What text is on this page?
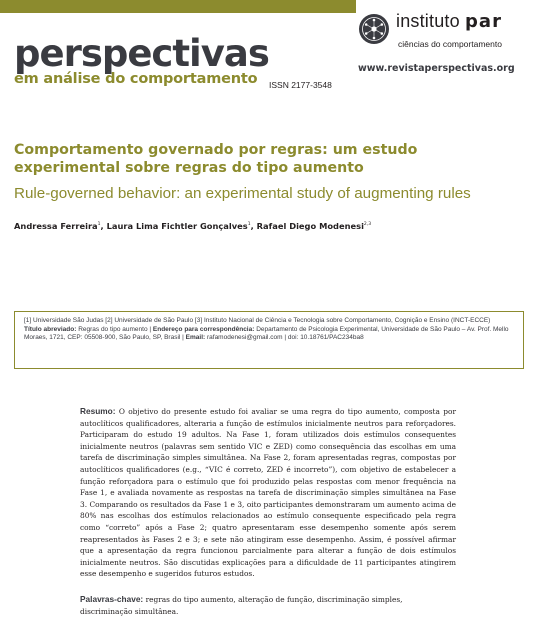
perspectivas
em análise do comportamento ISSN 2177-3548
instituto par
ciências do comportamento
www.revistaperspectivas.org
Comportamento governado por regras: um estudo experimental sobre regras do tipo aumento
Rule-governed behavior: an experimental study of augmenting rules
Andressa Ferreira$^1$, Laura Lima Fichtler Gonçalves$^1$, Rafael Diego Modenesi$^{2,3}$
[1] Universidade São Judas [2] Universidade de São Paulo [3] Instituto Nacional de Ciência e Tecnologia sobre Comportamento, Cognição e Ensino (INCT-ECCE)
Título abreviado: Regras do tipo aumento | Endereço para correspondência: Departamento de Psicologia Experimental, Universidade de São Paulo – Av. Prof. Mello Moraes, 1721, CEP: 05508-900, São Paulo, SP, Brasil | Email: rafamodenesi@gmail.com | doi: 10.18761/PAC234ba8
Resumo: O objetivo do presente estudo foi avaliar se uma regra do tipo aumento, composta por autoclíticos qualificadores, alteraria a função de estímulos inicialmente neutros para reforçadores. Participaram do estudo 19 adultos. Na Fase 1, foram utilizados dois estímulos consequentes inicialmente neutros (palavras sem sentido VIC e ZED) como consequência das escolhas em uma tarefa de discriminação simples simultânea. Na Fase 2, foram apresentadas regras, compostas por autoclíticos qualificadores (e.g., “VIC é correto, ZED é incorreto”), com objetivo de estabelecer a função reforçadora para o estímulo que foi produzido pelas respostas com menor frequência na Fase 1, e avaliada novamente as respostas na tarefa de discriminação simples simultânea na Fase 3. Comparando os resultados da Fase 1 e 3, oito participantes demonstraram um aumento acima de 80% nas escolhas dos estímulos relacionados ao estímulo consequente especificado pela regra como “correto” após a Fase 2; quatro apresentaram esse desempenho somente após serem reapresentados às Fases 2 e 3; e sete não atingiram esse desempenho. Assim, é possível afirmar que a apresentação da regra funcionou parcialmente para alterar a função de dois estímulos inicialmente neutros. São discutidas explicações para a dificuldade de 11 participantes atingirem esse desempenho e sugeridos futuros estudos.
Palavras-chave: regras do tipo aumento, alteração de função, discriminação simples, discriminação simultânea.
